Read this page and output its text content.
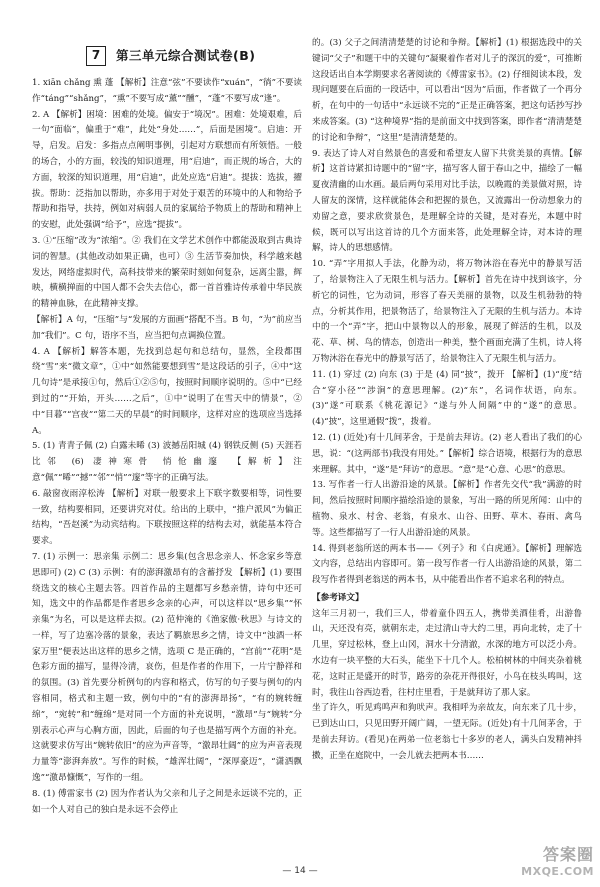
7	第三单元综合测试卷(B)

1. xiān chǎng 熏 蓬 【解析】注意“弦”不要读作“xuán”，“徜”不要读作“táng”“shǎng”，“熏”不要写成“薰”“醺”，“蓬”不要写成“逢”。

2. A 【解析】困境：困难的处境。偏安于“境况”。困难：处境艰难，后一句“面临”，偏重于“难”，此处“身处……”，后面是困境”。启迪：开导，启发。启发：多指点点阐明事例，引起对方联想而有所领悟。一般的场合，小的方面，较浅的知识道理，用“启迪”，而正规的场合，大的方面，较深的知识道理，用“启迪”，此处应选“启迪”。提拔：选拔，擢拔。帮助：泛指加以帮助，亦多用于对处于艰苦的环境中的人和物给予帮助和指导，扶持，例如对病弱人员的家属给予物质上的帮助和精神上的安慰，此处强调“给予”，应选“提拔”。

3. ①“压缩”改为“浓缩”。② 我们在文学艺术创作中都能汲取到古典诗词的智慧。(其他改动如果正确，也可）③ 生活节奏加快，科学越来越发达，网络虚拟时代，高科技带来的繁荣时刻如何复杂，远离尘嚣，辉映，横横掸面的中国人都不会失去信心，都一首首雅诗传承着中华民族的精神血脉，在此精神支撑。

【解析】A 句，“压缩”与“发展的方面画”搭配不当。B 句，“为”前应当加“我们”。C 句，语序不当，应当把句点调换位置。

4. A 【解析】解答本题，先找到总起句和总结句，显然，全段都围绕“雪”来“微文章”，①中“如然能要想到雪”是这段话的引子，④中“这几句诗”是承接①句，然后①②⑤句，按照时间顺序说明的。⑤中“已经到过的”“开始，开头……之后”，①中“说明了在雪天中的情景”，②中“目暮”“宫夜”“第二天的早晨”的时间顺序，这样对应的选项应当选择A。

5. (1) 青青子佩 (2) 白露未晞 (3) 波撼岳阳城 (4) 钢铁反侧 (5) 天涯若比邻 (6) 凄神寒骨 悄怆幽邃 【解析】注意“佩”“晞”“撼”“邻”“悄”“邃”等字的正确写法。

6. 敲窗夜雨淳松涛 【解析】对联一般要求上下联字数要相等，词性要一致，结构要相同，还要讲究对仗。给出的上联中，“推户派风”为偏正结构，“吾赵溪”为动宾结构。下联按照这样的结构去对，就能基本符合要求。

7. (1) 示例一：思亲集 示例二：思乡集(包含思念亲人、怀念家乡等意思即可) (2) C (3) 示例：有的澎湃激昂有的含蓄抒发 【解析】(1) 要围绕选文的核心主题去答。四首作品的主题都写乡愁亲情，诗句中还可知，选文中的作品都是作者思乡念亲的心声，可以这样以“思乡集”“怀亲集”为名，可以是这样去拟。(2) 范仲淹的《渔家傲·秋思》与诗文的一样，写了边塞冷落的景象，表达了羁旅思乡之情，诗文中“浊酒一杯家万里”便表达出这样的思乡之情，选项 C 是正确的，“宫前”“花明”是色彩方面的描写，显得冷清，哀伤，但是作者的作用下，一片宁静祥和的氛围。(3) 首先要分析例句的内容和格式，仿写的句子要与例句的内容相同，格式和主题一致，例句中的“有的澎湃昂扬”，“有的婉转缠绵”，“宛转”和“缠绵”是对同一个方面的补充说明，“激昂”与“婉转”分别表示心声与心胸方面，因此，后面的句子也是描写两个方面的补充。这就要求仿写出“婉转依旧”的应为声音等，“激昂壮阔”的应为声音表现力量等“澎湃奔放”。写作的时候，“雄浑壮阔”，“深厚豪迈”，“潇洒飘逸”“激昂慷慨”，写作的一组。

8. (1) 傅雷家书 (2) 因为作者认为父亲和儿子之间是永远谈不完的，正如一个人对自己的独白是永远不会停止

的。(3) 父子之间清清楚楚的讨论和争辩。【解析】(1) 根据选段中的关键词“父子”和题干中的关键句“凝聚着作者对儿子的深沉的爱”，可推断这段话出自本学期要求名著阅读的《傅雷家书》。(2) 仔细阅读本段，发现问题要在后面的一段话中，可以看出“因为”后面，作者做了一个再分析，在句中的一句话中“永远谈不完的”正是正确答案，把这句话抄写抄来成答案。(3) “这种境界”指的是前面文中找到答案，即作者“清清楚楚的讨论和争辩”，“这里”是清清楚楚的。

9. 表达了诗人对自然景色的喜爱和希望友人留下共赏美景的真情。【解析】这首诗紧扣诗题中的“留”字，描写客人留于春山之中，描绘了一幅夏夜清幽的山水画。最后两句采用对比手法，以晚霞的美景做对照，诗人留友的深情，这样就能体会和把握的景色，又流露出一份动想象力的劝留之意，要求欣赏景色，是理解全诗的关键，是对春光，本题中时候，既可以写出这首诗的几个方面来答，此处理解全诗，对本诗的理解，诗人的思想感情。

10. “弄”字用拟人手法，化静为动，将万物沐浴在春光中的静景写活了，给景物注入了无限生机与活力。【解析】首先在诗中找到该字，分析它的词性，它为动词，形容了春天美丽的景物，以及生机勃勃的特点，分析其作用，把景物活了，给景物注入了无限的生机与活力。本诗中的一个“弄”字，把山中景物以人的形象，展现了鲜活的生机，以及花、草、树、鸟的情态，创造出一种美，整个画面充满了生机，诗人将万物沐浴在春光中的静景写活了，给景物注入了无限生机与活力。

11. (1) 穿过 (2) 向东 (3) 于是 (4) 同“披”，拨开 【解析】(1)“度”结合“穿小径”“涉涧”的意思理解。(2)“东”，名词作状语，向东。(3)“遂”可联系《桃花源记》“遂与外人间隔”中的“遂”的意思。(4)“披”，这里通假“拨”，拨着。

12. (1) (近处)有十几间茅舍，于是前去拜访。(2) 老人看出了我们的心思，说：“(这两部书)我没有用处。”【解析】综合语境，根据行为的意思来理解。其中，“遂”是“拜访”的意思。“意”是“心意、心思”的意思。

13. 写作者一行人出游沿途的风景。【解析】作者先交代“我”满游的时间，然后按照时间顺序描绘沿途的景象，写出一路的所见所闻：山中的植物、泉水、村舍、老翁，有泉水、山谷、田野、草木、春雨、禽鸟等。这些都描写了一行人出游沿途的风景。

14. 得到老翁所送的两本书——《列子》和《白虎通》。【解析】理解选文内容，总结出内容即可。第一段写作者一行人出游沿途的风景，第二段写作者得到老翁送的两本书，从中能看出作者不追求名利的特点。

【参考译文】

这年三月初一，我们三人，带着童仆四五人，携带美酒佳肴，出游鲁山，天还没有亮，就朝东走，走过清山寺大约二里，再向北转，走了十几里，穿过松林，登上山冈，洞水十分清澈，水深的地方可以泛小舟。水边有一块平整的大石头，能坐下十几个人。松柏树林的中间夹杂着桃花，这时正是盛开的时节，路旁的杂花开得很好，小鸟在枝头鸣叫，这时，我往山谷西边看，往村庄里看，于是就拜访了那人家。

坐了许久，听见鸡鸣声和狗吠声。我相呼为亲故友，向东来了几十步，已到达山口，只见田野开阔广阔，一望无际。(近处)有十几间茅舍，于是前去拜访。(看见)在两弟一位老翁七十多岁的老人，满头白发精神抖擞，正坐在庭院中，一会儿就去把两本书……

— 14 —
答案圈
MXQE.COM
